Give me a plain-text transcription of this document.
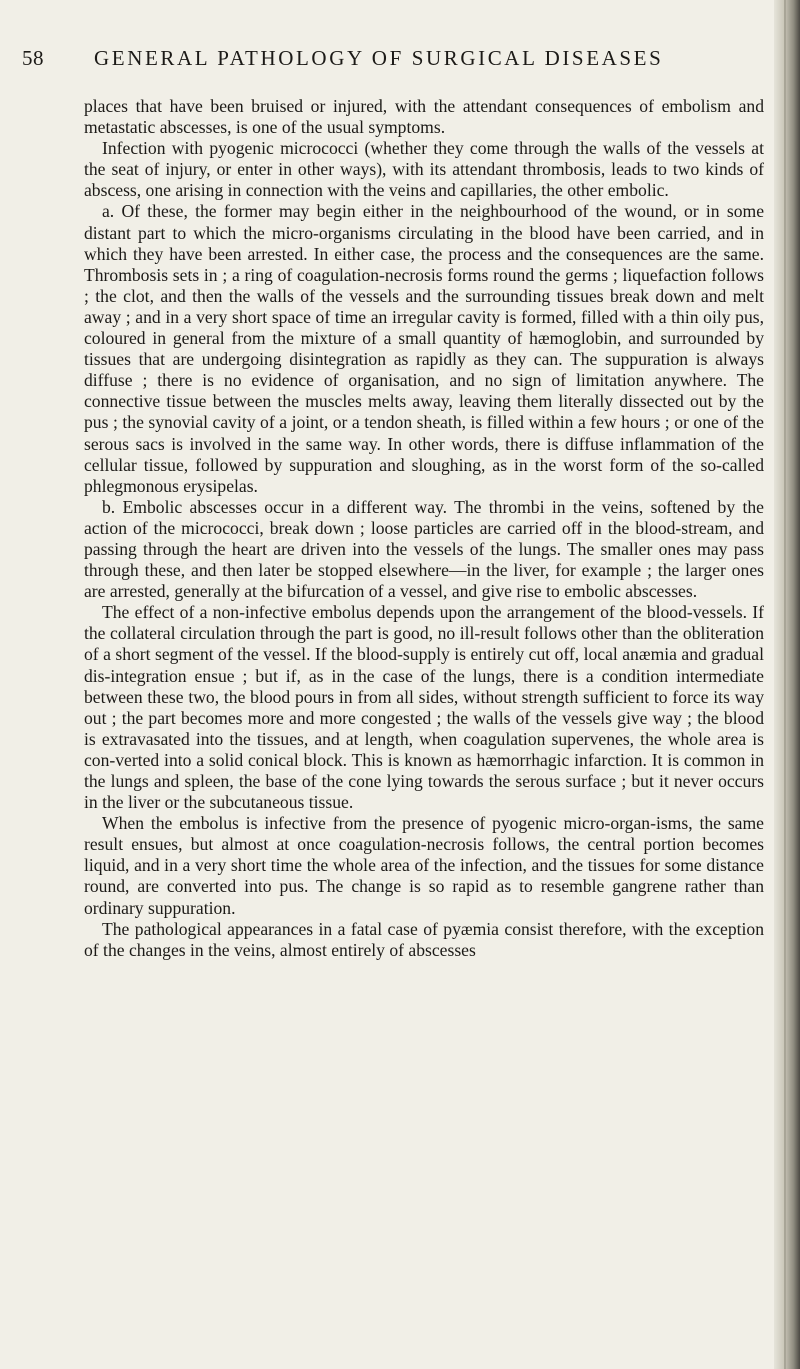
58 GENERAL PATHOLOGY OF SURGICAL DISEASES

places that have been bruised or injured, with the attendant consequences of embolism and metastatic abscesses, is one of the usual symptoms.

Infection with pyogenic micrococci (whether they come through the walls of the vessels at the seat of injury, or enter in other ways), with its attendant thrombosis, leads to two kinds of abscess, one arising in connection with the veins and capillaries, the other embolic.

a. Of these, the former may begin either in the neighbourhood of the wound, or in some distant part to which the micro-organisms circulating in the blood have been carried, and in which they have been arrested. In either case, the process and the consequences are the same. Thrombosis sets in ; a ring of coagulation-necrosis forms round the germs ; liquefaction follows ; the clot, and then the walls of the vessels and the surrounding tissues break down and melt away ; and in a very short space of time an irregular cavity is formed, filled with a thin oily pus, coloured in general from the mixture of a small quantity of hæmoglobin, and surrounded by tissues that are undergoing disintegration as rapidly as they can. The suppuration is always diffuse ; there is no evidence of organisation, and no sign of limitation anywhere. The connective tissue between the muscles melts away, leaving them literally dissected out by the pus ; the synovial cavity of a joint, or a tendon sheath, is filled within a few hours ; or one of the serous sacs is involved in the same way. In other words, there is diffuse inflammation of the cellular tissue, followed by suppuration and sloughing, as in the worst form of the so-called phlegmonous erysipelas.

b. Embolic abscesses occur in a different way. The thrombi in the veins, softened by the action of the micrococci, break down ; loose particles are carried off in the blood-stream, and passing through the heart are driven into the vessels of the lungs. The smaller ones may pass through these, and then later be stopped elsewhere—in the liver, for example ; the larger ones are arrested, generally at the bifurcation of a vessel, and give rise to embolic abscesses.

The effect of a non-infective embolus depends upon the arrangement of the blood-vessels. If the collateral circulation through the part is good, no ill-result follows other than the obliteration of a short segment of the vessel. If the blood-supply is entirely cut off, local anæmia and gradual dis-integration ensue ; but if, as in the case of the lungs, there is a condition intermediate between these two, the blood pours in from all sides, without strength sufficient to force its way out ; the part becomes more and more congested ; the walls of the vessels give way ; the blood is extravasated into the tissues, and at length, when coagulation supervenes, the whole area is con-verted into a solid conical block. This is known as hæmorrhagic infarction. It is common in the lungs and spleen, the base of the cone lying towards the serous surface ; but it never occurs in the liver or the subcutaneous tissue.

When the embolus is infective from the presence of pyogenic micro-organ-isms, the same result ensues, but almost at once coagulation-necrosis follows, the central portion becomes liquid, and in a very short time the whole area of the infection, and the tissues for some distance round, are converted into pus. The change is so rapid as to resemble gangrene rather than ordinary suppuration.

The pathological appearances in a fatal case of pyæmia consist therefore, with the exception of the changes in the veins, almost entirely of abscesses
